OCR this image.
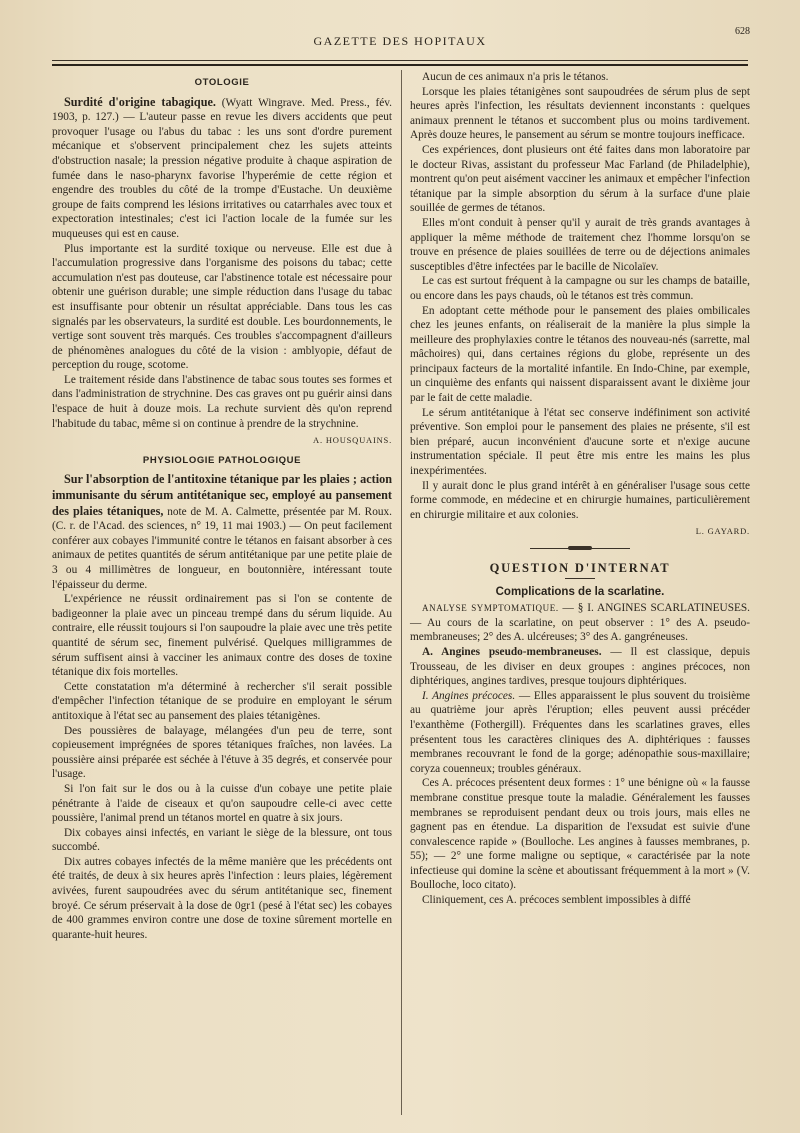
GAZETTE DES HOPITAUX
628
OTOLOGIE

Surdité d'origine tabagique. (Wyatt Wingrave. Med. Press., fév. 1903, p. 127.) — L'auteur passe en revue les divers accidents que peut provoquer l'usage ou l'abus du tabac : les uns sont d'ordre purement mécanique et s'observent principalement chez les sujets atteints d'obstruction nasale; la pression négative produite à chaque aspiration de fumée dans le naso-pharynx favorise l'hyperémie de cette région et engendre des troubles du côté de la trompe d'Eustache. Un deuxième groupe de faits comprend les lésions irritatives ou catarrhales avec toux et expectoration intestinales; c'est ici l'action locale de la fumée sur les muqueuses qui est en cause.

Plus importante est la surdité toxique ou nerveuse. Elle est due à l'accumulation progressive dans l'organisme des poisons du tabac; cette accumulation n'est pas douteuse, car l'abstinence totale est nécessaire pour obtenir une guérison durable; une simple réduction dans l'usage du tabac est insuffisante pour obtenir un résultat appréciable. Dans tous les cas signalés par les observateurs, la surdité est double. Les bourdonnements, le vertige sont souvent très marqués. Ces troubles s'accompagnent d'ailleurs de phénomènes analogues du côté de la vision : amblyopie, défaut de perception du rouge, scotome.

Le traitement réside dans l'abstinence de tabac sous toutes ses formes et dans l'administration de strychnine. Des cas graves ont pu guérir ainsi dans l'espace de huit à douze mois. La rechute survient dès qu'on reprend l'habitude du tabac, même si on continue à prendre de la strychnine.

A. HOUSQUAINS.
PHYSIOLOGIE PATHOLOGIQUE

Sur l'absorption de l'antitoxine tétanique par les plaies ; action immunisante du sérum antitétanique sec, employé au pansement des plaies tétaniques, note de M. A. Calmette, présentée par M. Roux. (C. r. de l'Acad. des sciences, n° 19, 11 mai 1903.) — On peut facilement conférer aux cobayes l'immunité contre le tétanos en faisant absorber à ces animaux de petites quantités de sérum antitétanique par une petite plaie de 3 ou 4 millimètres de longueur, en boutonnière, intéressant toute l'épaisseur du derme.

L'expérience ne réussit ordinairement pas si l'on se contente de badigeonner la plaie avec un pinceau trempé dans du sérum liquide. Au contraire, elle réussit toujours si l'on saupoudre la plaie avec une très petite quantité de sérum sec, finement pulvérisé. Quelques milligrammes de sérum suffisent ainsi à vacciner les animaux contre des doses de toxine tétanique dix fois mortelles.

Cette constatation m'a déterminé à rechercher s'il serait possible d'empêcher l'infection tétanique de se produire en employant le sérum antitoxique à l'état sec au pansement des plaies tétanigènes.

Des poussières de balayage, mélangées d'un peu de terre, sont copieusement imprégnées de spores tétaniques fraîches, non lavées. La poussière ainsi préparée est séchée à l'étuve à 35 degrés, et conservée pour l'usage.

Si l'on fait sur le dos ou à la cuisse d'un cobaye une petite plaie pénétrante à l'aide de ciseaux et qu'on saupoudre celle-ci avec cette poussière, l'animal prend un tétanos mortel en quatre à six jours.

Dix cobayes ainsi infectés, en variant le siège de la blessure, ont tous succombé.

Dix autres cobayes infectés de la même manière que les précédents ont été traités, de deux à six heures après l'infection : leurs plaies, légèrement avivées, furent saupoudrées avec du sérum antitétanique sec, finement broyé. Ce sérum préservait à la dose de 0gr1 (pesé à l'état sec) les cobayes de 400 grammes environ contre une dose de toxine sûrement mortelle en quarante-huit heures.

Aucun de ces animaux n'a pris le tétanos.

Lorsque les plaies tétanigènes sont saupoudrées de sérum plus de sept heures après l'infection, les résultats deviennent inconstants : quelques animaux prennent le tétanos et succombent plus ou moins tardivement. Après douze heures, le pansement au sérum se montre toujours inefficace.

Ces expériences, dont plusieurs ont été faites dans mon laboratoire par le docteur Rivas, assistant du professeur Mac Farland (de Philadelphie), montrent qu'on peut aisément vacciner les animaux et empêcher l'infection tétanique par la simple absorption du sérum à la surface d'une plaie souillée de germes de tétanos.

Elles m'ont conduit à penser qu'il y aurait de très grands avantages à appliquer la même méthode de traitement chez l'homme lorsqu'on se trouve en présence de plaies souillées de terre ou de déjections animales susceptibles d'être infectées par le bacille de Nicolaïev.

Le cas est surtout fréquent à la campagne ou sur les champs de bataille, ou encore dans les pays chauds, où le tétanos est très commun.

En adoptant cette méthode pour le pansement des plaies ombilicales chez les jeunes enfants, on réaliserait de la manière la plus simple la meilleure des prophylaxies contre le tétanos des nouveau-nés (sarrette, mal mâchoires) qui, dans certaines régions du globe, représente un des principaux facteurs de la mortalité infantile. En Indo-Chine, par exemple, un cinquième des enfants qui naissent disparaissent avant le dixième jour par le fait de cette maladie.

Le sérum antitétanique à l'état sec conserve indéfiniment son activité préventive. Son emploi pour le pansement des plaies ne présente, s'il est bien préparé, aucun inconvénient d'aucune sorte et n'exige aucune instrumentation spéciale. Il peut être mis entre les mains les plus inexpérimentées.

Il y aurait donc le plus grand intérêt à en généraliser l'usage sous cette forme commode, en médecine et en chirurgie humaines, particulièrement en chirurgie militaire et aux colonies.

L. GAYARD.
QUESTION D'INTERNAT
Complications de la scarlatine.

ANALYSE SYMPTOMATIQUE. — § I. ANGINES SCARLATINEUSES. — Au cours de la scarlatine, on peut observer : 1° des A. pseudo-membraneuses; 2° des A. ulcéreuses; 3° des A. gangréneuses.

A. Angines pseudo-membraneuses. — Il est classique, depuis Trousseau, de les diviser en deux groupes : angines précoces, non diphtériques, angines tardives, presque toujours diphtériques.

I. Angines précoces. — Elles apparaissent le plus souvent du troisième au quatrième jour après l'éruption; elles peuvent aussi précéder l'exanthème (Fothergill). Fréquentes dans les scarlatines graves, elles présentent tous les caractères cliniques des A. diphtériques : fausses membranes recouvrant le fond de la gorge; adénopathie sous-maxillaire; coryza couenneux; troubles généraux.

Ces A. précoces présentent deux formes : 1° une bénigne où « la fausse membrane constitue presque toute la maladie. Généralement les fausses membranes se reproduisent pendant deux ou trois jours, mais elles ne gagnent pas en étendue. La disparition de l'exsudat est suivie d'une convalescence rapide » (Boulloche. Les angines à fausses membranes, p. 55); — 2° une forme maligne ou septique, « caractérisée par la note infectieuse qui domine la scène et aboutissant fréquemment à la mort » (V. Boulloche, loco citato).

Cliniquement, ces A. précoces semblent impossibles à diffé
